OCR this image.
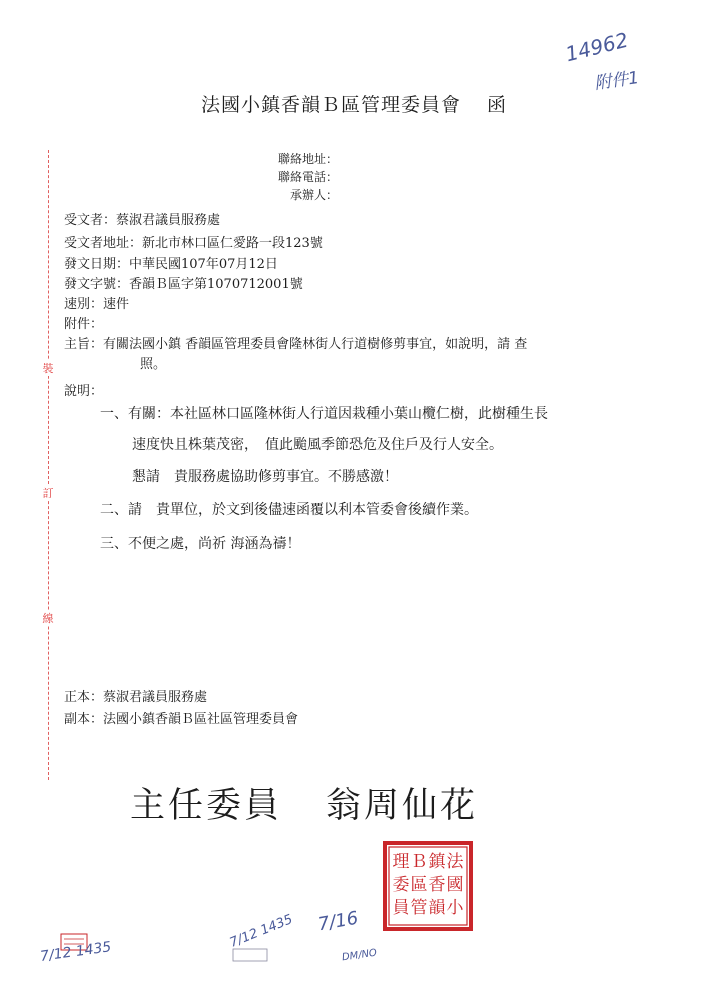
裝
訂
線
14962
附件1
法國小鎮香韻Ｂ區管理委員會 函
聯絡地址：
聯絡電話：
承辦人：
受文者：蔡淑君議員服務處
受文者地址：新北市林口區仁愛路一段123號
發文日期：中華民國107年07月12日
發文字號：香韻Ｂ區字第1070712001號
速別：速件
附件：
主旨：有關法國小鎮 香韻區管理委員會隆林街人行道樹修剪事宜，如說明，請 查
照。
說明：
一、有關：本社區林口區隆林街人行道因栽種小葉山欖仁樹，此樹種生長
速度快且株葉茂密，　值此颱風季節恐危及住戶及行人安全。
懇請　貴服務處協助修剪事宜。不勝感激！
二、請　貴單位，於文到後儘速函覆以利本管委會後續作業。
三、不便之處，尚祈 海涵為禱！
正本：蔡淑君議員服務處
副本：法國小鎮香韻Ｂ區社區管理委員會
主任委員 翁周仙花
法
國
小
鎮
香
韻
Ｂ
區
管
理
委
員
7/12 1435
7/12 1435 7/16
DM/NO
